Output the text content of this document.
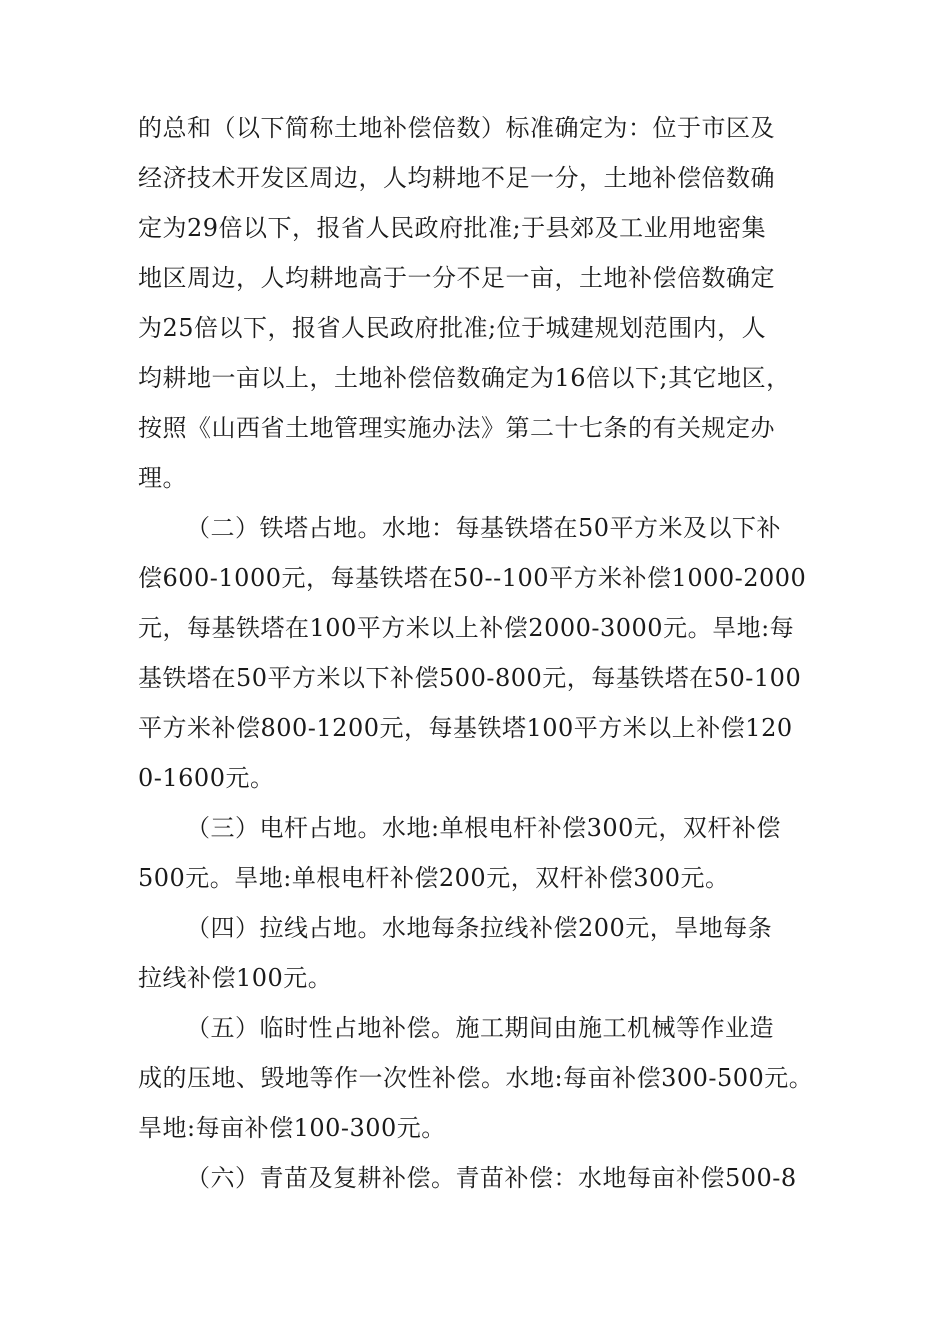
的总和（以下简称土地补偿倍数）标准确定为：位于市区及
经济技术开发区周边，人均耕地不足一分，土地补偿倍数确
定为29倍以下，报省人民政府批准;于县郊及工业用地密集
地区周边，人均耕地高于一分不足一亩，土地补偿倍数确定
为25倍以下，报省人民政府批准;位于城建规划范围内，人
均耕地一亩以上，土地补偿倍数确定为16倍以下;其它地区，
按照《山西省土地管理实施办法》第二十七条的有关规定办
理。
（二）铁塔占地。水地：每基铁塔在50平方米及以下补
偿600-1000元，每基铁塔在50--100平方米补偿1000-2000
元，每基铁塔在100平方米以上补偿2000-3000元。旱地:每
基铁塔在50平方米以下补偿500-800元，每基铁塔在50-100
平方米补偿800-1200元，每基铁塔100平方米以上补偿120
0-1600元。
（三）电杆占地。水地:单根电杆补偿300元，双杆补偿
500元。旱地:单根电杆补偿200元，双杆补偿300元。
（四）拉线占地。水地每条拉线补偿200元，旱地每条
拉线补偿100元。
（五）临时性占地补偿。施工期间由施工机械等作业造
成的压地、毁地等作一次性补偿。水地:每亩补偿300-500元。
旱地:每亩补偿100-300元。
（六）青苗及复耕补偿。青苗补偿：水地每亩补偿500-8
